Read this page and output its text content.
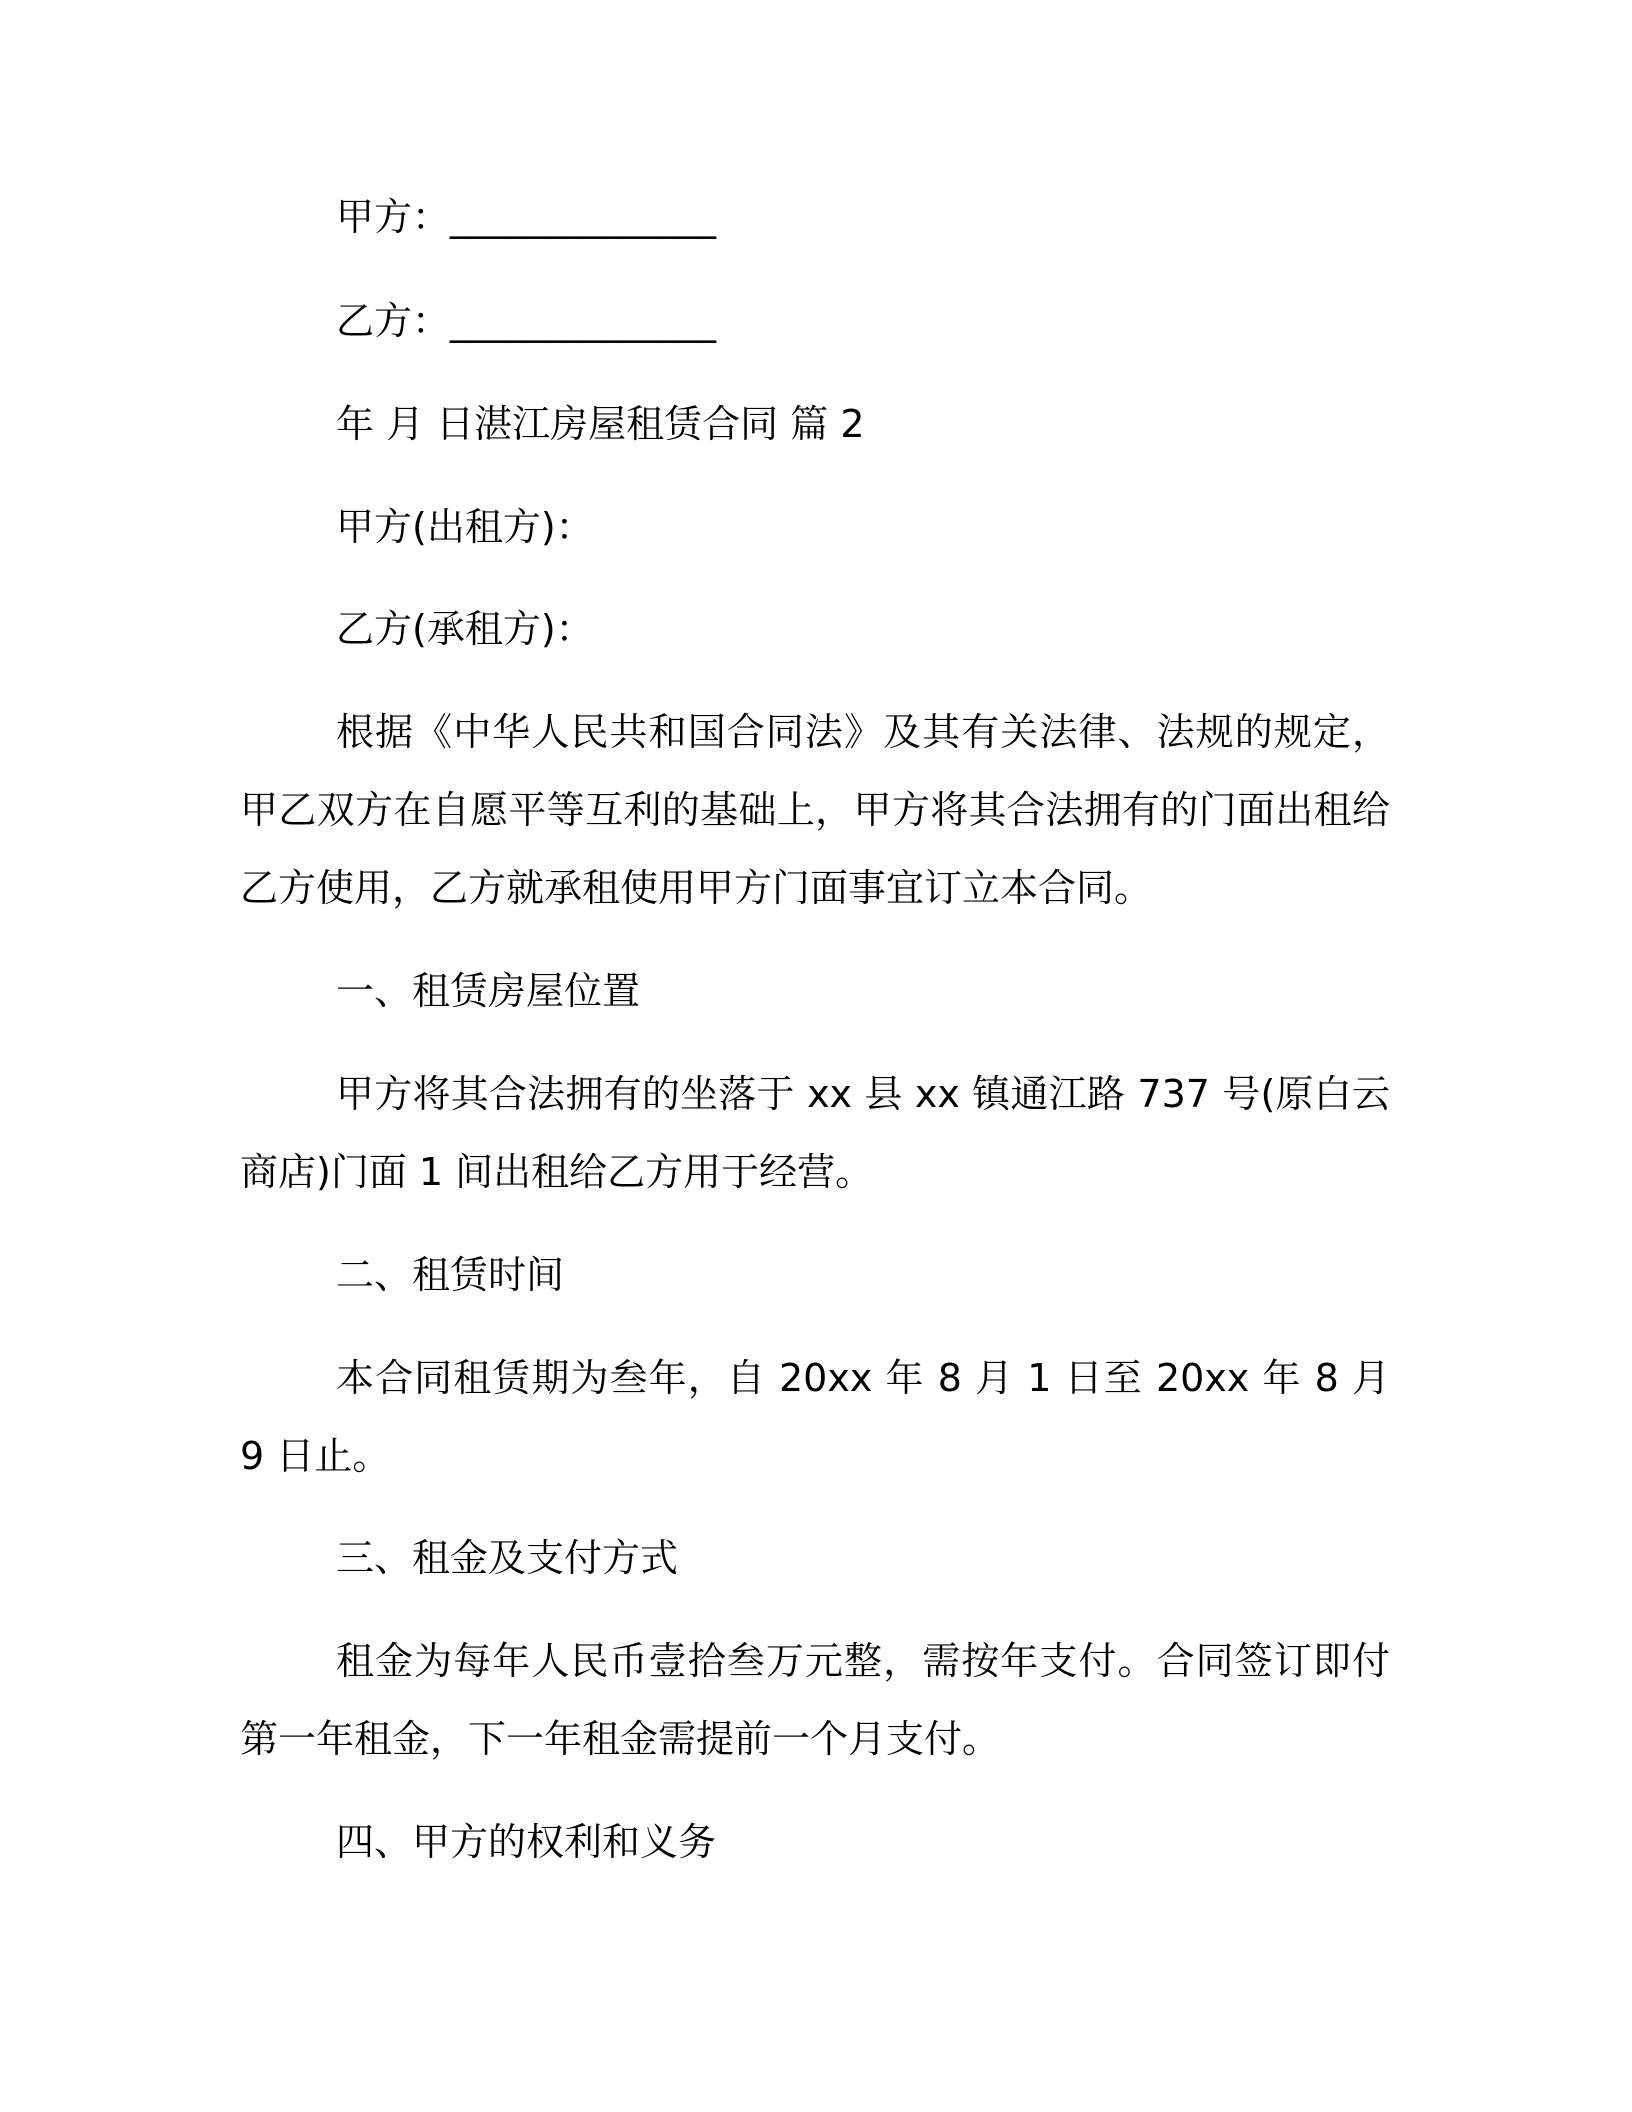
甲方：______________

乙方：______________

年 月 日湛江房屋租赁合同 篇 2

甲方(出租方)：

乙方(承租方)：

根据《中华人民共和国合同法》及其有关法律、法规的规定，甲乙双方在自愿平等互利的基础上，甲方将其合法拥有的门面出租给乙方使用，乙方就承租使用甲方门面事宜订立本合同。

一、租赁房屋位置

甲方将其合法拥有的坐落于 xx 县 xx 镇通江路 737 号(原白云商店)门面 1 间出租给乙方用于经营。

二、租赁时间

本合同租赁期为叁年，自 20xx 年 8 月 1 日至 20xx 年 8 月 9 日止。

三、租金及支付方式

租金为每年人民币壹拾叁万元整，需按年支付。合同签订即付第一年租金，下一年租金需提前一个月支付。

四、甲方的权利和义务
